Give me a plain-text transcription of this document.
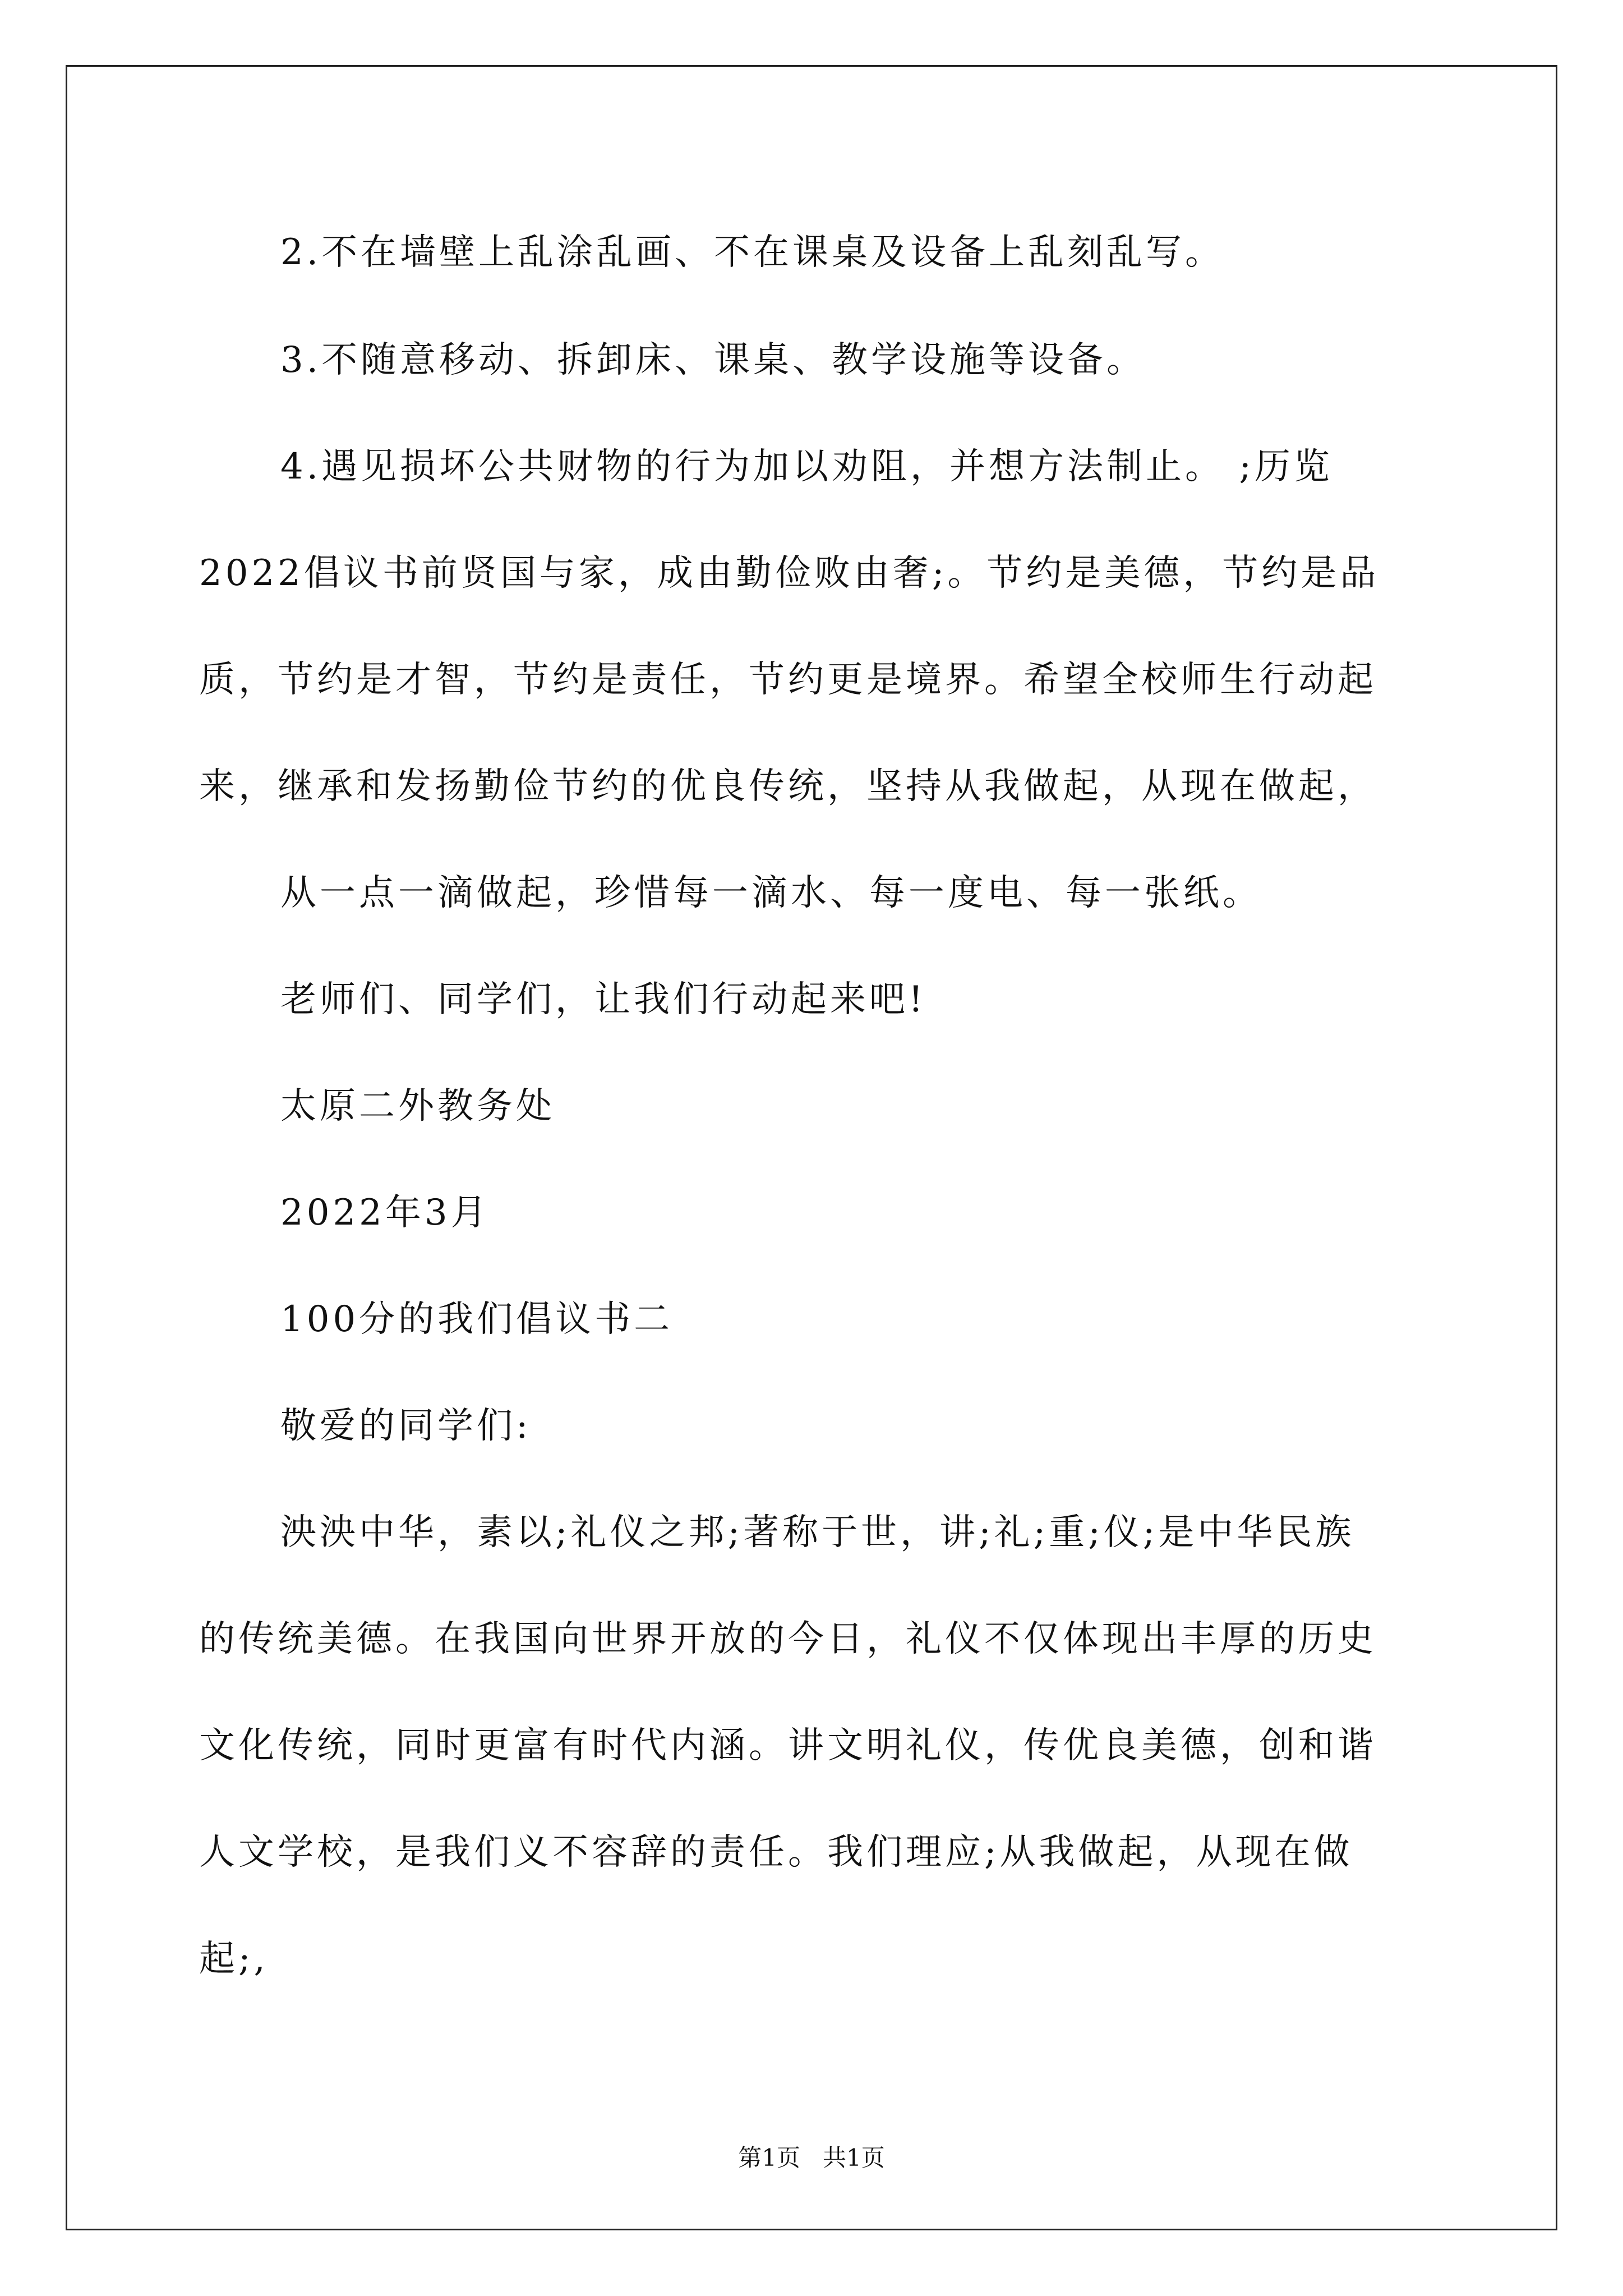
2.不在墙壁上乱涂乱画、不在课桌及设备上乱刻乱写。
3.不随意移动、拆卸床、课桌、教学设施等设备。
4.遇见损坏公共财物的行为加以劝阻，并想方法制止。 ;历览
2022倡议书前贤国与家，成由勤俭败由奢;。节约是美德，节约是品
质，节约是才智，节约是责任，节约更是境界。希望全校师生行动起
来，继承和发扬勤俭节约的优良传统，坚持从我做起，从现在做起，
从一点一滴做起，珍惜每一滴水、每一度电、每一张纸。
老师们、同学们，让我们行动起来吧!
太原二外教务处
2022年3月
100分的我们倡议书二
敬爱的同学们:
泱泱中华，素以;礼仪之邦;著称于世，讲;礼;重;仪;是中华民族
的传统美德。在我国向世界开放的今日，礼仪不仅体现出丰厚的历史
文化传统，同时更富有时代内涵。讲文明礼仪，传优良美德，创和谐
人文学校，是我们义不容辞的责任。我们理应;从我做起，从现在做
起;,
第1页   共1页
